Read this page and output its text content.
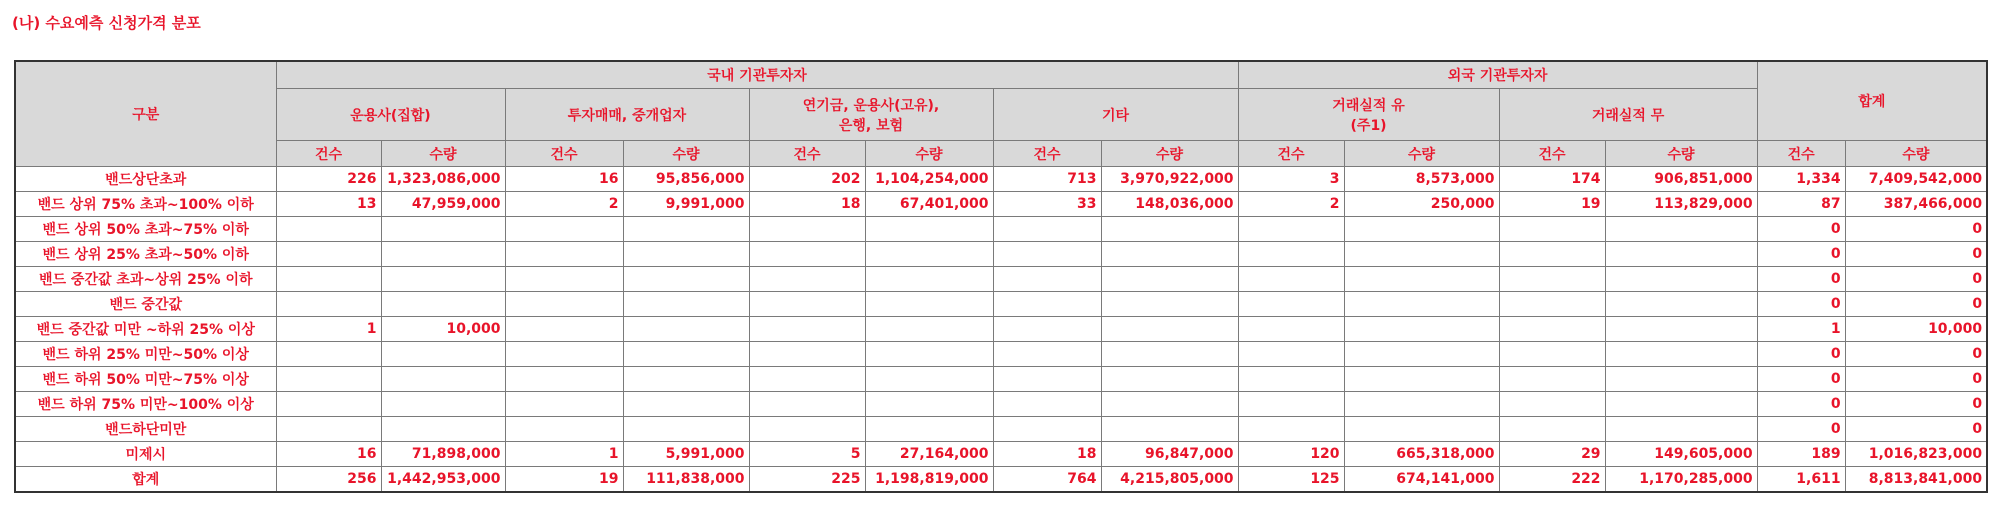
(나) 수요예측 신청가격 분포
구분	국내 기관투자자								외국 기관투자자				합계	
	운용사(집합)		투자매매, 중개업자		연기금, 운용사(고유),
은행, 보험		기타		거래실적 유
(주1)		거래실적 무			
	건수	수량	건수	수량	건수	수량	건수	수량	건수	수량	건수	수량	건수	수량
밴드상단초과	226	1,323,086,000	16	95,856,000	202	1,104,254,000	713	3,970,922,000	3	8,573,000	174	906,851,000	1,334	7,409,542,000
밴드 상위 75% 초과~100% 이하	13	47,959,000	2	9,991,000	18	67,401,000	33	148,036,000	2	250,000	19	113,829,000	87	387,466,000
밴드 상위 50% 초과~75% 이하													0	0
밴드 상위 25% 초과~50% 이하													0	0
밴드 중간값 초과~상위 25% 이하													0	0
밴드 중간값													0	0
밴드 중간값 미만 ~하위 25% 이상	1	10,000											1	10,000
밴드 하위 25% 미만~50% 이상													0	0
밴드 하위 50% 미만~75% 이상													0	0
밴드 하위 75% 미만~100% 이상													0	0
밴드하단미만													0	0
미제시	16	71,898,000	1	5,991,000	5	27,164,000	18	96,847,000	120	665,318,000	29	149,605,000	189	1,016,823,000
합계	256	1,442,953,000	19	111,838,000	225	1,198,819,000	764	4,215,805,000	125	674,141,000	222	1,170,285,000	1,611	8,813,841,000
